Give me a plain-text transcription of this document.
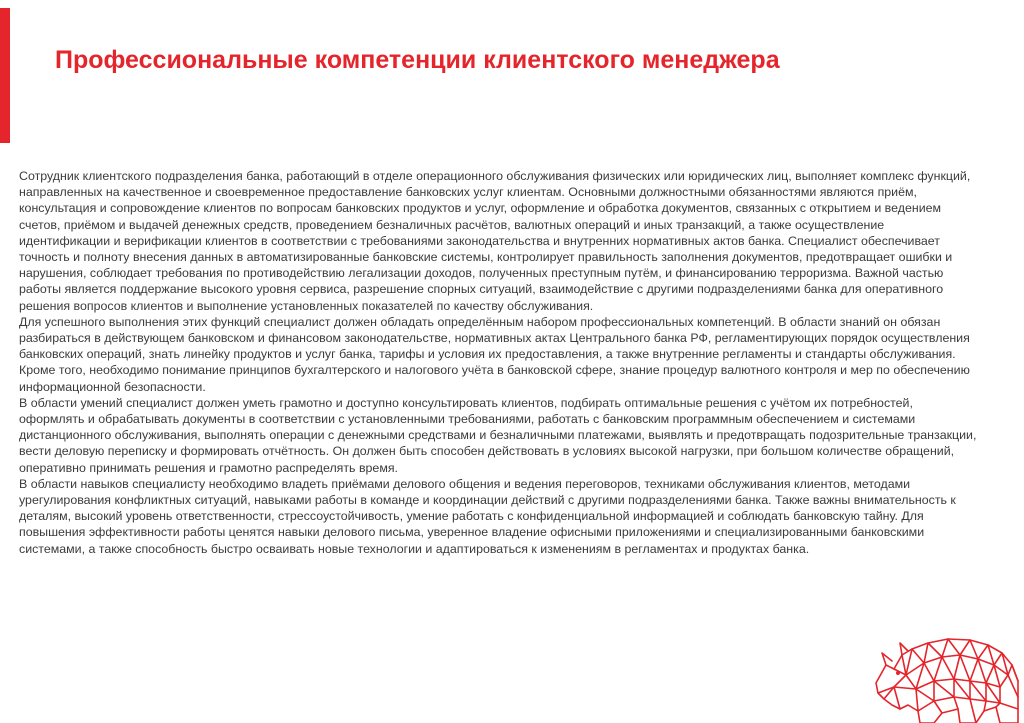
Профессиональные компетенции клиентского менеджера

Сотрудник клиентского подразделения банка, работающий в отделе операционного обслуживания физических или юридических лиц, выполняет комплекс функций, направленных на качественное и своевременное предоставление банковских услуг клиентам. Основными должностными обязанностями являются приём, консультация и сопровождение клиентов по вопросам банковских продуктов и услуг, оформление и обработка документов, связанных с открытием и ведением счетов, приёмом и выдачей денежных средств, проведением безналичных расчётов, валютных операций и иных транзакций, а также осуществление идентификации и верификации клиентов в соответствии с требованиями законодательства и внутренних нормативных актов банка. Специалист обеспечивает точность и полноту внесения данных в автоматизированные банковские системы, контролирует правильность заполнения документов, предотвращает ошибки и нарушения, соблюдает требования по противодействию легализации доходов, полученных преступным путём, и финансированию терроризма. Важной частью работы является поддержание высокого уровня сервиса, разрешение спорных ситуаций, взаимодействие с другими подразделениями банка для оперативного решения вопросов клиентов и выполнение установленных показателей по качеству обслуживания.

Для успешного выполнения этих функций специалист должен обладать определённым набором профессиональных компетенций. В области знаний он обязан разбираться в действующем банковском и финансовом законодательстве, нормативных актах Центрального банка РФ, регламентирующих порядок осуществления банковских операций, знать линейку продуктов и услуг банка, тарифы и условия их предоставления, а также внутренние регламенты и стандарты обслуживания. Кроме того, необходимо понимание принципов бухгалтерского и налогового учёта в банковской сфере, знание процедур валютного контроля и мер по обеспечению информационной безопасности.

В области умений специалист должен уметь грамотно и доступно консультировать клиентов, подбирать оптимальные решения с учётом их потребностей, оформлять и обрабатывать документы в соответствии с установленными требованиями, работать с банковским программным обеспечением и системами дистанционного обслуживания, выполнять операции с денежными средствами и безналичными платежами, выявлять и предотвращать подозрительные транзакции, вести деловую переписку и формировать отчётность. Он должен быть способен действовать в условиях высокой нагрузки, при большом количестве обращений, оперативно принимать решения и грамотно распределять время.

В области навыков специалисту необходимо владеть приёмами делового общения и ведения переговоров, техниками обслуживания клиентов, методами урегулирования конфликтных ситуаций, навыками работы в команде и координации действий с другими подразделениями банка. Также важны внимательность к деталям, высокий уровень ответственности, стрессоустойчивость, умение работать с конфиденциальной информацией и соблюдать банковскую тайну. Для повышения эффективности работы ценятся навыки делового письма, уверенное владение офисными приложениями и специализированными банковскими системами, а также способность быстро осваивать новые технологии и адаптироваться к изменениям в регламентах и продуктах банка.
